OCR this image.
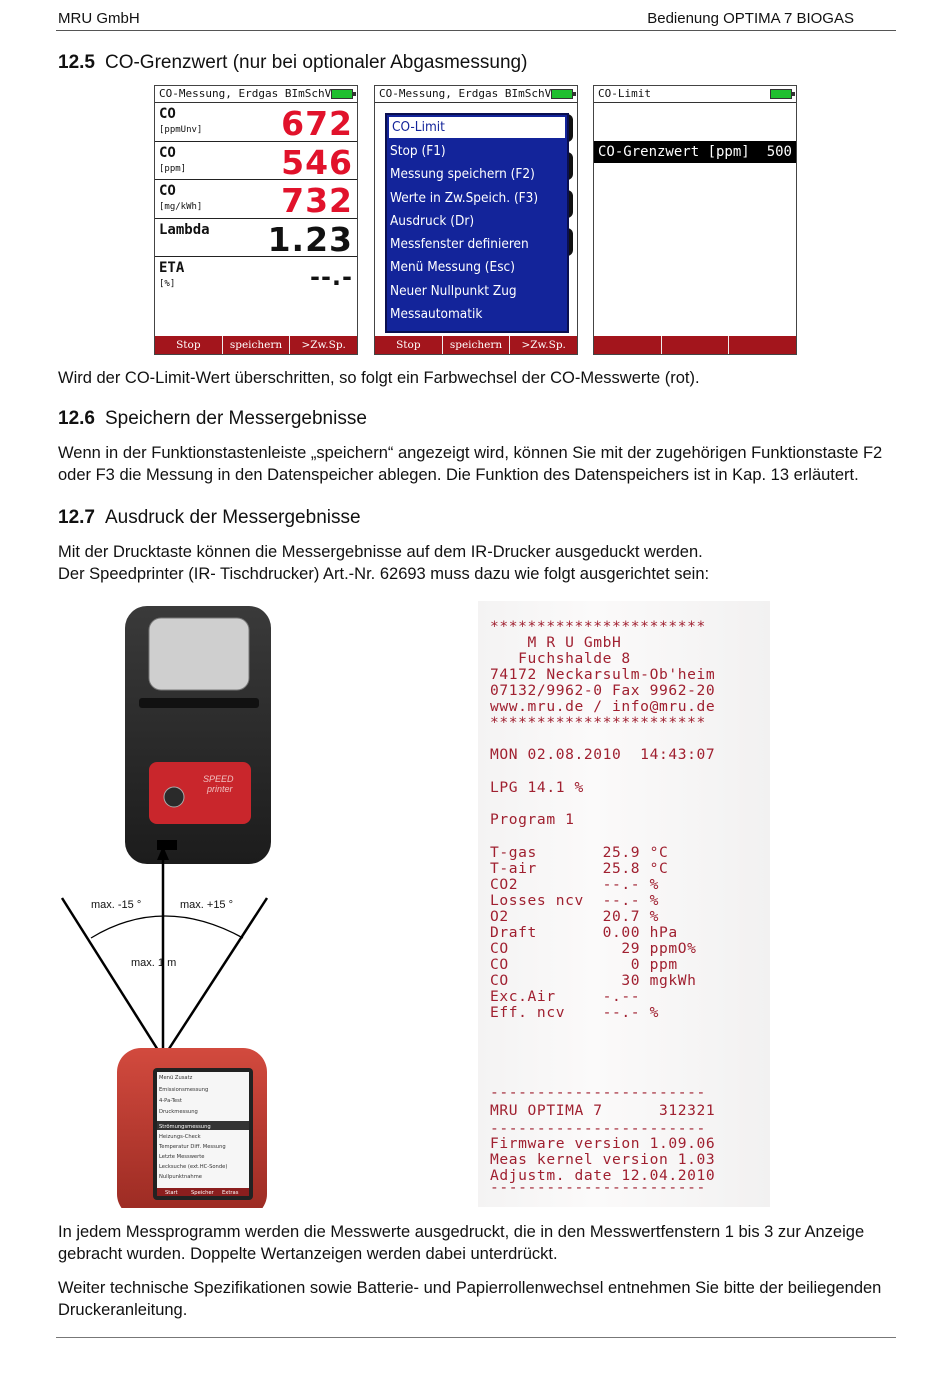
MRU GmbH	Bedienung OPTIMA 7 BIOGAS
12.5 CO-Grenzwert (nur bei optionaler Abgasmessung)
CO-Messung, Erdgas BImSchV
CO
[ppmUnv] 672
CO
[ppm]	546
CO
[mg/kWh] 732
Lambda 1.23
ETA
[%]	--.-
Stop	speichern	>Zw.Sp.
CO-Messung, Erdgas BImSchV
CO-Limit
Stop (F1)
Messung speichern (F2)
Werte in Zw.Speich. (F3)
Ausdruck (Dr)
Messfenster definieren
Menü Messung (Esc)
Neuer Nullpunkt Zug
Messautomatik
Stop	speichern	>Zw.Sp.
CO-Limit
CO-Grenzwert [ppm] 500
Wird der CO-Limit-Wert überschritten, so folgt ein Farbwechsel der CO-Messwerte (rot).
12.6 Speichern der Messergebnisse
Wenn in der Funktionstastenleiste „speichern“ angezeigt wird, können Sie mit der zugehörigen Funktionstaste F2 oder F3 die Messung in den Datenspeicher ablegen. Die Funktion des Datenspeichers ist in Kap. 13 erläutert.
12.7 Ausdruck der Messergebnisse
Mit der Drucktaste können die Messergebnisse auf dem IR-Drucker ausgeduckt werden.
Der Speedprinter (IR- Tischdrucker) Art.-Nr. 62693 muss dazu wie folgt ausgerichtet sein:
max. -15 °	max. +15 °
max. 1 m
SPEED
printer
Menü Zusatz
Emissionsmessung
4-Pa-Test
Druckmessung
Strömungsmessung
Heizungs-Check
Temperatur Diff. Messung
Letzte Messwerte
Lecksuche (ext.HC-Sonde)
Nullpunktnahme
Start	Speicher Extras
***********************
M R U GmbH
Fuchshalde 8
74172 Neckarsulm-Ob'heim
07132/9962-0 Fax 9962-20
www.mru.de / info@mru.de
***********************
MON 02.08.2010  14:43:07
LPG 14.1 %
Program 1
T-gas       25.9 °C
T-air       25.8 °C
CO2         --.- %
Losses ncv  --.- %
O2          20.7 %
Draft       0.00 hPa
CO            29 ppmO%
CO             0 ppm
CO            30 mgkWh
Exc.Air     -.--
Eff. ncv    --.- %
-----------------------
MRU OPTIMA 7      312321
-----------------------
Firmware version 1.09.06
Meas kernel version 1.03
Adjustm. date 12.04.2010
-----------------------
In jedem Messprogramm werden die Messwerte ausgedruckt, die in den Messwertfenstern 1 bis 3 zur Anzeige gebracht wurden. Doppelte Wertanzeigen werden dabei unterdrückt.
Weiter technische Spezifikationen sowie Batterie- und Papierrollenwechsel entnehmen Sie bitte der beiliegenden Druckeranleitung.
